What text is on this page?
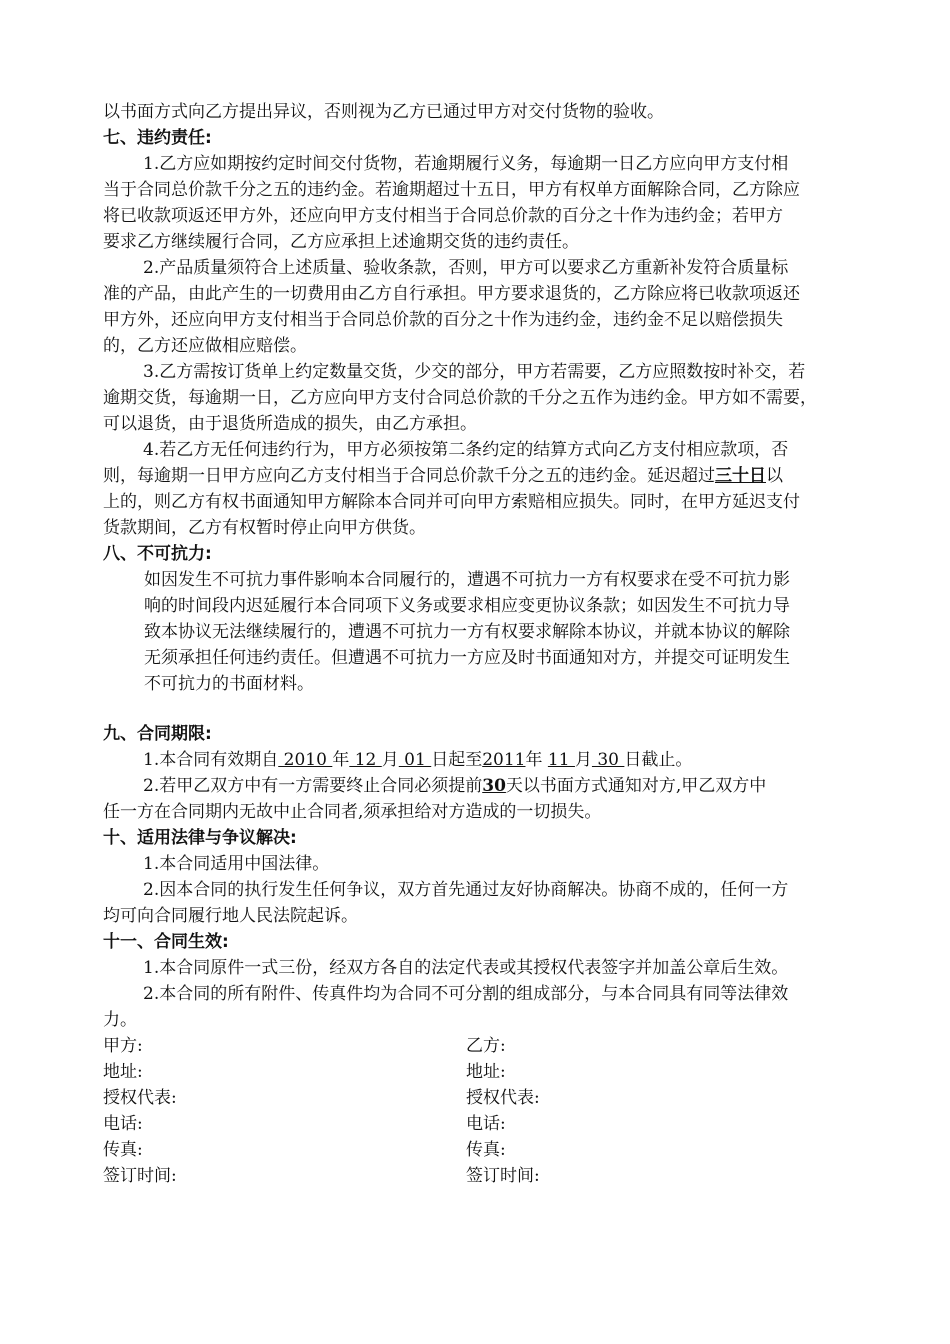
以书面方式向乙方提出异议，否则视为乙方已通过甲方对交付货物的验收。
七、违约责任:
1.乙方应如期按约定时间交付货物，若逾期履行义务，每逾期一日乙方应向甲方支付相
当于合同总价款千分之五的违约金。若逾期超过十五日，甲方有权单方面解除合同，乙方除应
将已收款项返还甲方外，还应向甲方支付相当于合同总价款的百分之十作为违约金；若甲方
要求乙方继续履行合同，乙方应承担上述逾期交货的违约责任。
2.产品质量须符合上述质量、验收条款，否则，甲方可以要求乙方重新补发符合质量标
准的产品，由此产生的一切费用由乙方自行承担。甲方要求退货的，乙方除应将已收款项返还
甲方外，还应向甲方支付相当于合同总价款的百分之十作为违约金，违约金不足以赔偿损失
的，乙方还应做相应赔偿。
3.乙方需按订货单上约定数量交货，少交的部分，甲方若需要，乙方应照数按时补交，若
逾期交货，每逾期一日，乙方应向甲方支付合同总价款的千分之五作为违约金。甲方如不需要，
可以退货，由于退货所造成的损失，由乙方承担。
4.若乙方无任何违约行为，甲方必须按第二条约定的结算方式向乙方支付相应款项，否
则，每逾期一日甲方应向乙方支付相当于合同总价款千分之五的违约金。延迟超过三十日以
上的，则乙方有权书面通知甲方解除本合同并可向甲方索赔相应损失。同时，在甲方延迟支付
货款期间，乙方有权暂时停止向甲方供货。
八、不可抗力:
如因发生不可抗力事件影响本合同履行的，遭遇不可抗力一方有权要求在受不可抗力影
响的时间段内迟延履行本合同项下义务或要求相应变更协议条款；如因发生不可抗力导
致本协议无法继续履行的，遭遇不可抗力一方有权要求解除本协议，并就本协议的解除
无须承担任何违约责任。但遭遇不可抗力一方应及时书面通知对方，并提交可证明发生
不可抗力的书面材料。
九、合同期限:
1.本合同有效期自 2010 年 12 月 01 日起至2011年 11 月 30 日截止。
2.若甲乙双方中有一方需要终止合同必须提前30天以书面方式通知对方,甲乙双方中
任一方在合同期内无故中止合同者,须承担给对方造成的一切损失。
十、适用法律与争议解决:
1.本合同适用中国法律。
2.因本合同的执行发生任何争议，双方首先通过友好协商解决。协商不成的，任何一方
均可向合同履行地人民法院起诉。
十一、合同生效:
1.本合同原件一式三份，经双方各自的法定代表或其授权代表签字并加盖公章后生效。
2.本合同的所有附件、传真件均为合同不可分割的组成部分，与本合同具有同等法律效
力。
甲方:	乙方:
地址:	地址:
授权代表:	授权代表:
电话:	电话:
传真:	传真:
签订时间:	签订时间:
